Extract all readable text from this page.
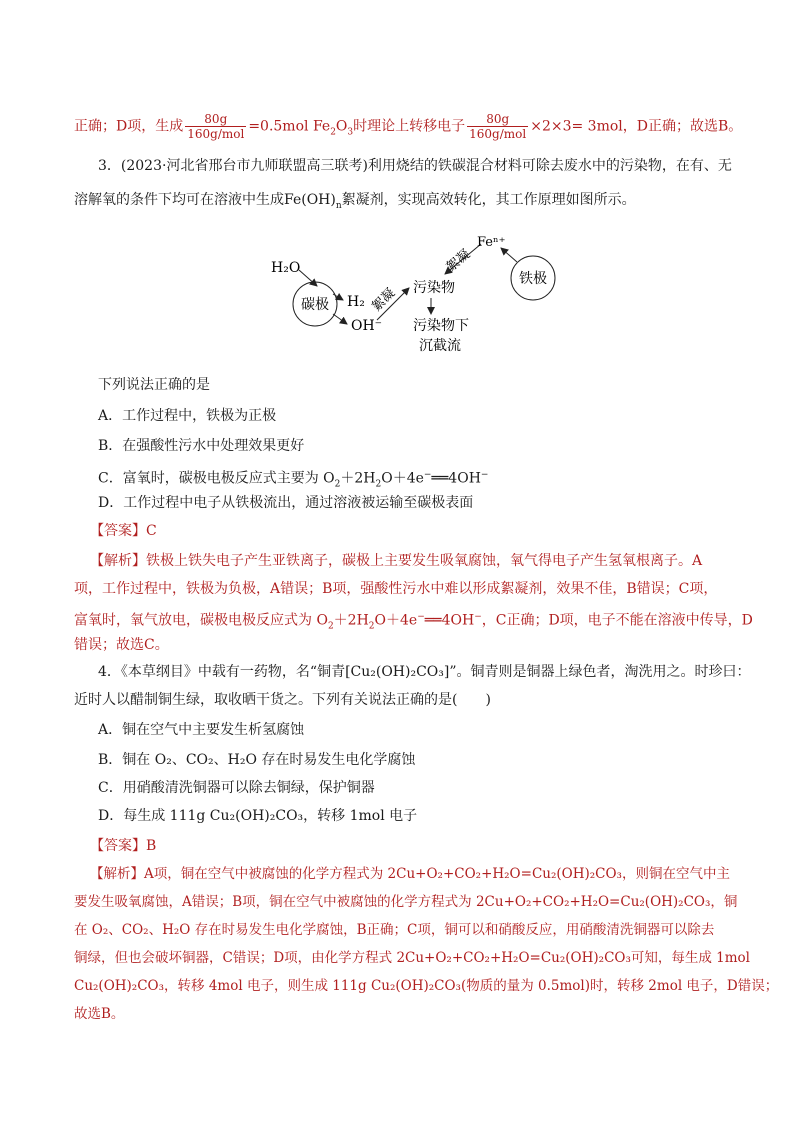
正确；D项，生成 $\frac{80g}{\text{160g/mol}} =0.5mol$ $Fe_2O_3$时理论上转移电子 $\frac{80g}{\text{160g/mol}} \times 2\times 3= 3mol$，D正确；故选B。
3．(2023·河北省邢台市九师联盟高三联考)利用烧结的铁碳混合材料可除去废水中的污染物，在有、无
溶解氧的条件下均可在溶液中生成$Fe(OH)_n$絮凝剂，实现高效转化，其工作原理如图所示。
H₂O
碳极 H₂
OH⁻
絮凝 污染物
污染物下
沉截流
絮凝
Feⁿ⁺
铁极
下列说法正确的是
A．工作过程中，铁极为正极
B．在强酸性污水中处理效果更好
C．富氧时，碳极电极反应式主要为 $O_2+2H_2O+4e^-══4OH^-$
D．工作过程中电子从铁极流出，通过溶液被运输至碳极表面
【答案】C
【解析】铁极上铁失电子产生亚铁离子，碳极上主要发生吸氧腐蚀，氧气得电子产生氢氧根离子。A
项，工作过程中，铁极为负极，A错误；B项，强酸性污水中难以形成絮凝剂，效果不佳，B错误；C项，
富氧时，氧气放电，碳极电极反应式为 $O_2+2H_2O+4e^-══4OH^-$，C正确；D项，电子不能在溶液中传导，D
错误；故选C。
4．《本草纲目》中载有一药物，名“铜青[Cu₂(OH)₂CO₃]”。铜青则是铜器上绿色者，淘洗用之。时珍曰：
近时人以醋制铜生绿，取收晒干货之。下列有关说法正确的是(　　)
A．铜在空气中主要发生析氢腐蚀
B．铜在 O₂、CO₂、H₂O 存在时易发生电化学腐蚀
C．用硝酸清洗铜器可以除去铜绿，保护铜器
D．每生成 111g Cu₂(OH)₂CO₃，转移 1mol 电子
【答案】B
【解析】A项，铜在空气中被腐蚀的化学方程式为 2Cu+O₂+CO₂+H₂O=Cu₂(OH)₂CO₃，则铜在空气中主
要发生吸氧腐蚀，A错误；B项，铜在空气中被腐蚀的化学方程式为 2Cu+O₂+CO₂+H₂O=Cu₂(OH)₂CO₃，铜
在 O₂、CO₂、H₂O 存在时易发生电化学腐蚀，B正确；C项，铜可以和硝酸反应，用硝酸清洗铜器可以除去
铜绿，但也会破坏铜器，C错误；D项，由化学方程式 2Cu+O₂+CO₂+H₂O=Cu₂(OH)₂CO₃可知，每生成 1mol
Cu₂(OH)₂CO₃，转移 4mol 电子，则生成 111g Cu₂(OH)₂CO₃(物质的量为 0.5mol)时，转移 2mol 电子，D错误；
故选B。
